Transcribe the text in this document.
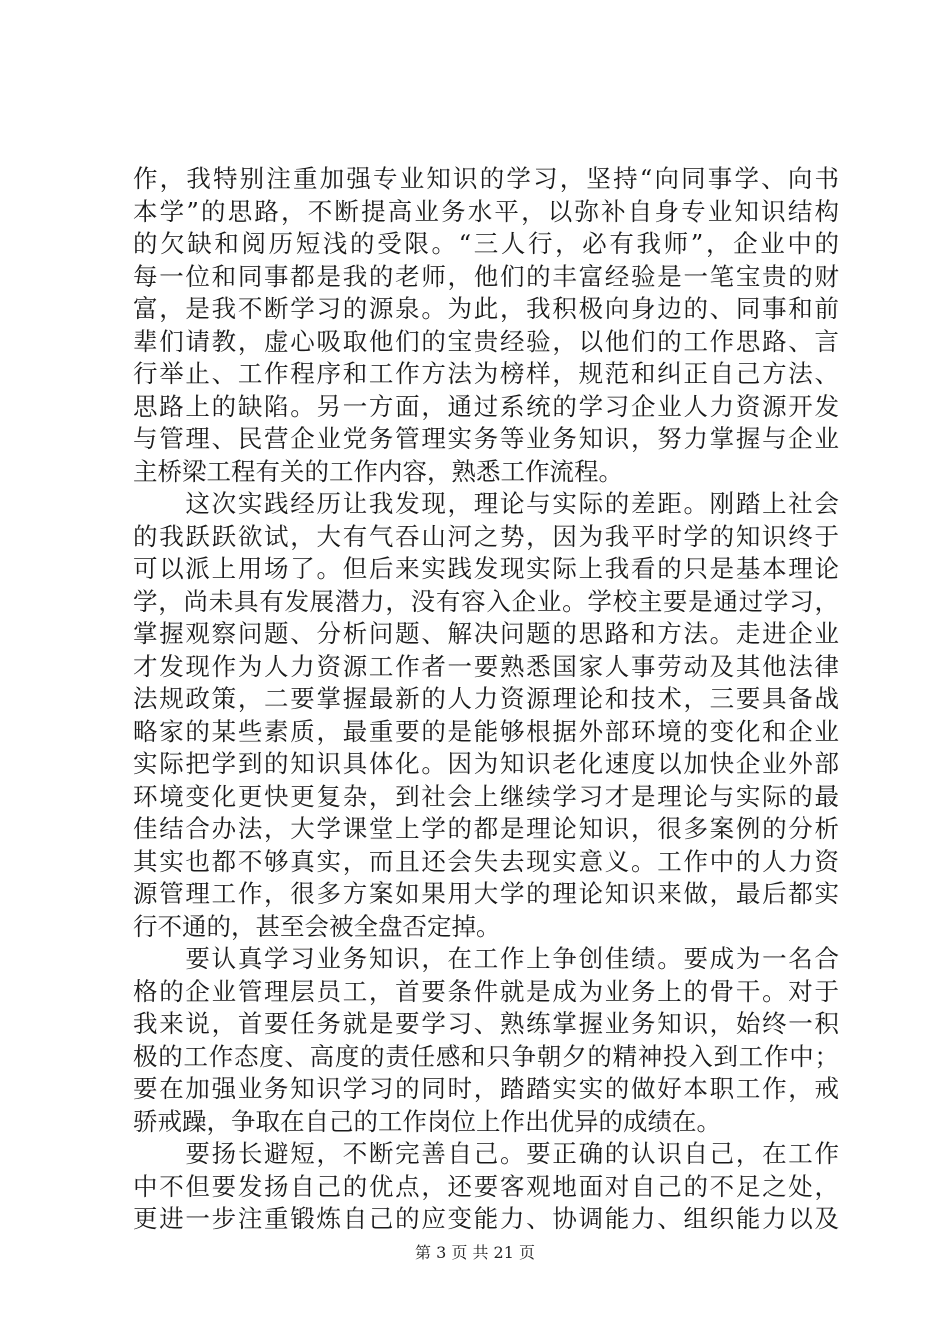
作，我特别注重加强专业知识的学习，坚持“向同事学、向书
本学”的思路，不断提高业务水平，以弥补自身专业知识结构
的欠缺和阅历短浅的受限。“三人行，必有我师”，企业中的
每一位和同事都是我的老师，他们的丰富经验是一笔宝贵的财
富，是我不断学习的源泉。为此，我积极向身边的、同事和前
辈们请教，虚心吸取他们的宝贵经验，以他们的工作思路、言
行举止、工作程序和工作方法为榜样，规范和纠正自己方法、
思路上的缺陷。另一方面，通过系统的学习企业人力资源开发
与管理、民营企业党务管理实务等业务知识，努力掌握与企业
主桥梁工程有关的工作内容，熟悉工作流程。
　　这次实践经历让我发现，理论与实际的差距。刚踏上社会
的我跃跃欲试，大有气吞山河之势，因为我平时学的知识终于
可以派上用场了。但后来实践发现实际上我看的只是基本理论
学，尚未具有发展潜力，没有容入企业。学校主要是通过学习，
掌握观察问题、分析问题、解决问题的思路和方法。走进企业
才发现作为人力资源工作者一要熟悉国家人事劳动及其他法律
法规政策，二要掌握最新的人力资源理论和技术，三要具备战
略家的某些素质，最重要的是能够根据外部环境的变化和企业
实际把学到的知识具体化。因为知识老化速度以加快企业外部
环境变化更快更复杂，到社会上继续学习才是理论与实际的最
佳结合办法，大学课堂上学的都是理论知识，很多案例的分析
其实也都不够真实，而且还会失去现实意义。工作中的人力资
源管理工作，很多方案如果用大学的理论知识来做，最后都实
行不通的，甚至会被全盘否定掉。
　　要认真学习业务知识，在工作上争创佳绩。要成为一名合
格的企业管理层员工，首要条件就是成为业务上的骨干。对于
我来说，首要任务就是要学习、熟练掌握业务知识，始终一积
极的工作态度、高度的责任感和只争朝夕的精神投入到工作中；
要在加强业务知识学习的同时，踏踏实实的做好本职工作，戒
骄戒躁，争取在自己的工作岗位上作出优异的成绩在。
　　要扬长避短，不断完善自己。要正确的认识自己，在工作
中不但要发扬自己的优点，还要客观地面对自己的不足之处，
更进一步注重锻炼自己的应变能力、协调能力、组织能力以及
第 3 页 共 21 页
